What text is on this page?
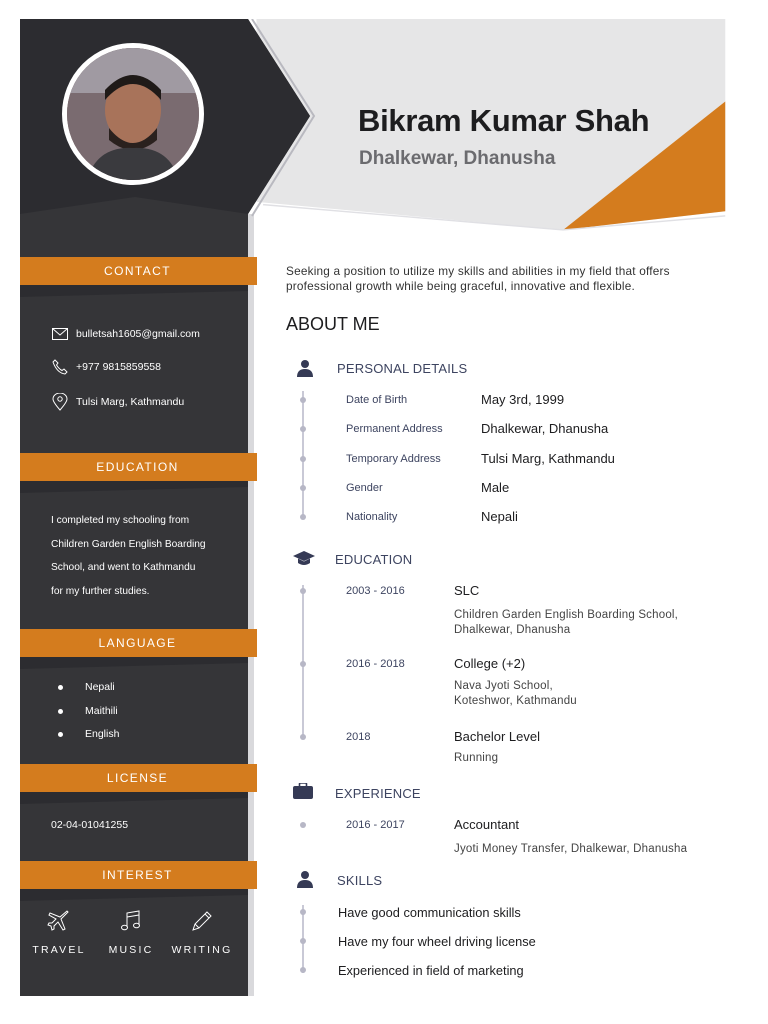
CONTACT
bulletsah1605@gmail.com
+977 9815859558
Tulsi Marg, Kathmandu
EDUCATION
I completed my schooling from
Children Garden English Boarding
School, and went to Kathmandu
for my further studies.
LANGUAGE
Nepali
Maithili
English
LICENSE
02-04-01041255
INTEREST
TRAVEL	MUSIC	WRITING
Bikram Kumar Shah
Dhalkewar, Dhanusha
Seeking a position to utilize my skills and abilities in my field that offers
professional growth while being graceful, innovative and flexible.
ABOUT ME
PERSONAL DETAILS
Date of Birth	May 3rd, 1999
Permanent Address	Dhalkewar, Dhanusha
Temporary Address	Tulsi Marg, Kathmandu
Gender	Male
Nationality	Nepali
EDUCATION
2003 - 2016	SLC
Children Garden English Boarding School,
Dhalkewar, Dhanusha
2016 - 2018	College (+2)
Nava Jyoti School,
Koteshwor, Kathmandu
2018	Bachelor Level
Running
EXPERIENCE
2016 - 2017	Accountant
Jyoti Money Transfer, Dhalkewar, Dhanusha
SKILLS
Have good communication skills
Have my four wheel driving license
Experienced in field of marketing
